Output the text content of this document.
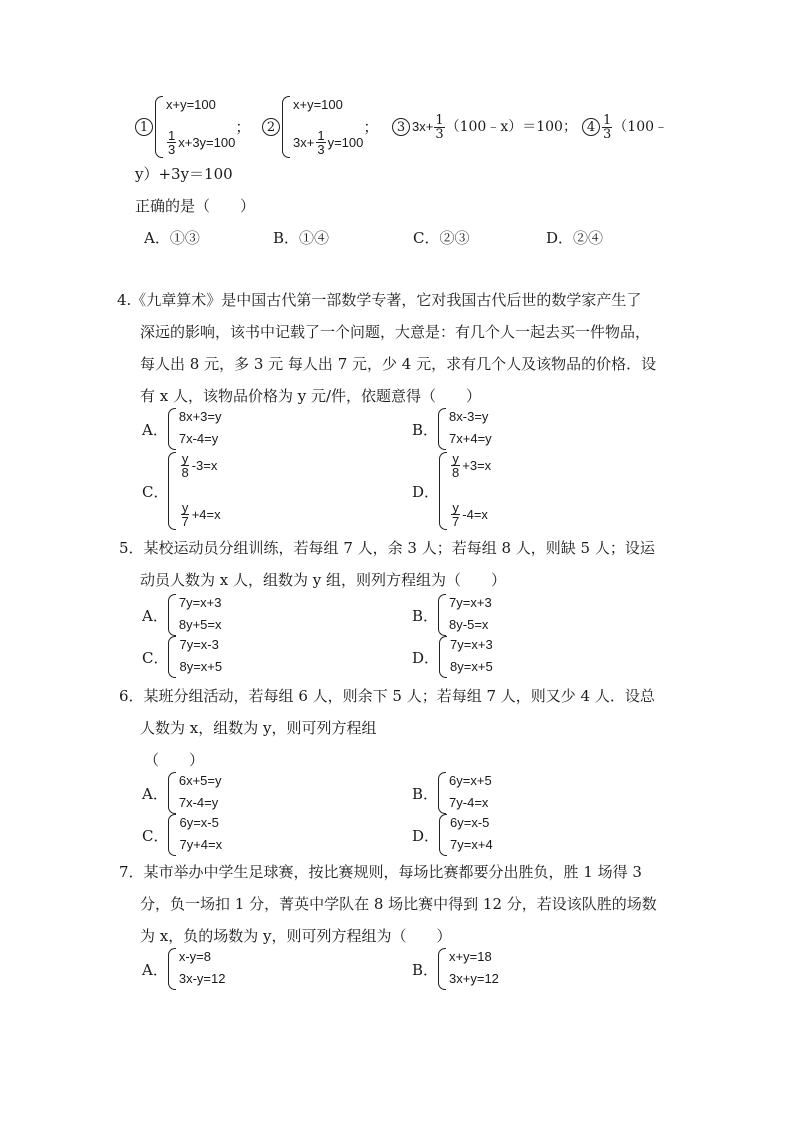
1
x+y=100
$\frac{1}{3} x+3y=100$
；	2
x+y=100
$3x+ \frac{1}{3} y=100$
；	3 $3x+ \frac{1}{3}$ （100﹣x）＝100； $4 \frac{1}{3}$ （100﹣
y）+3y＝100
正确的是（　　）
A．①③	B．①④	C．②③	D．②④
4.《九章算术》是中国古代第一部数学专著，它对我国古代后世的数学家产生了
深远的影响，该书中记载了一个问题，大意是：有几个人一起去买一件物品，
每人出 8 元，多 3 元 每人出 7 元，少 4 元，求有几个人及该物品的价格．设
有 x 人，该物品价格为 y 元/件，依题意得（　　）
A．
8x+3=y
7x-4=y	B．
8x-3=y
7x+4=y
C．
$\frac{y}{8} -3=x$
$\frac{y}{7} +4=x$
D．
$\frac{y}{8} +3=x$
$\frac{y}{7} -4=x$
5．某校运动员分组训练，若每组 7 人，余 3 人；若每组 8 人，则缺 5 人；设运
动员人数为 x 人，组数为 y 组，则列方程组为（　　）
A．
7y=x+3
8y+5=x	B．
7y=x+3
8y-5=x
C．
7y=x-3
8y=x+5	D．
7y=x+3
8y=x+5
6．某班分组活动，若每组 6 人，则余下 5 人；若每组 7 人，则又少 4 人．设总
人数为 x，组数为 y，则可列方程组
（　　）
A．
6x+5=y
7x-4=y	B．
6y=x+5
7y-4=x
C．
6y=x-5
7y+4=x	D．
6y=x-5
7y=x+4
7．某市举办中学生足球赛，按比赛规则，每场比赛都要分出胜负，胜 1 场得 3
分，负一场扣 1 分，菁英中学队在 8 场比赛中得到 12 分，若设该队胜的场数
为 x，负的场数为 y，则可列方程组为（　　）
A．
x-y=8
3x-y=12	B．
x+y=18
3x+y=12
